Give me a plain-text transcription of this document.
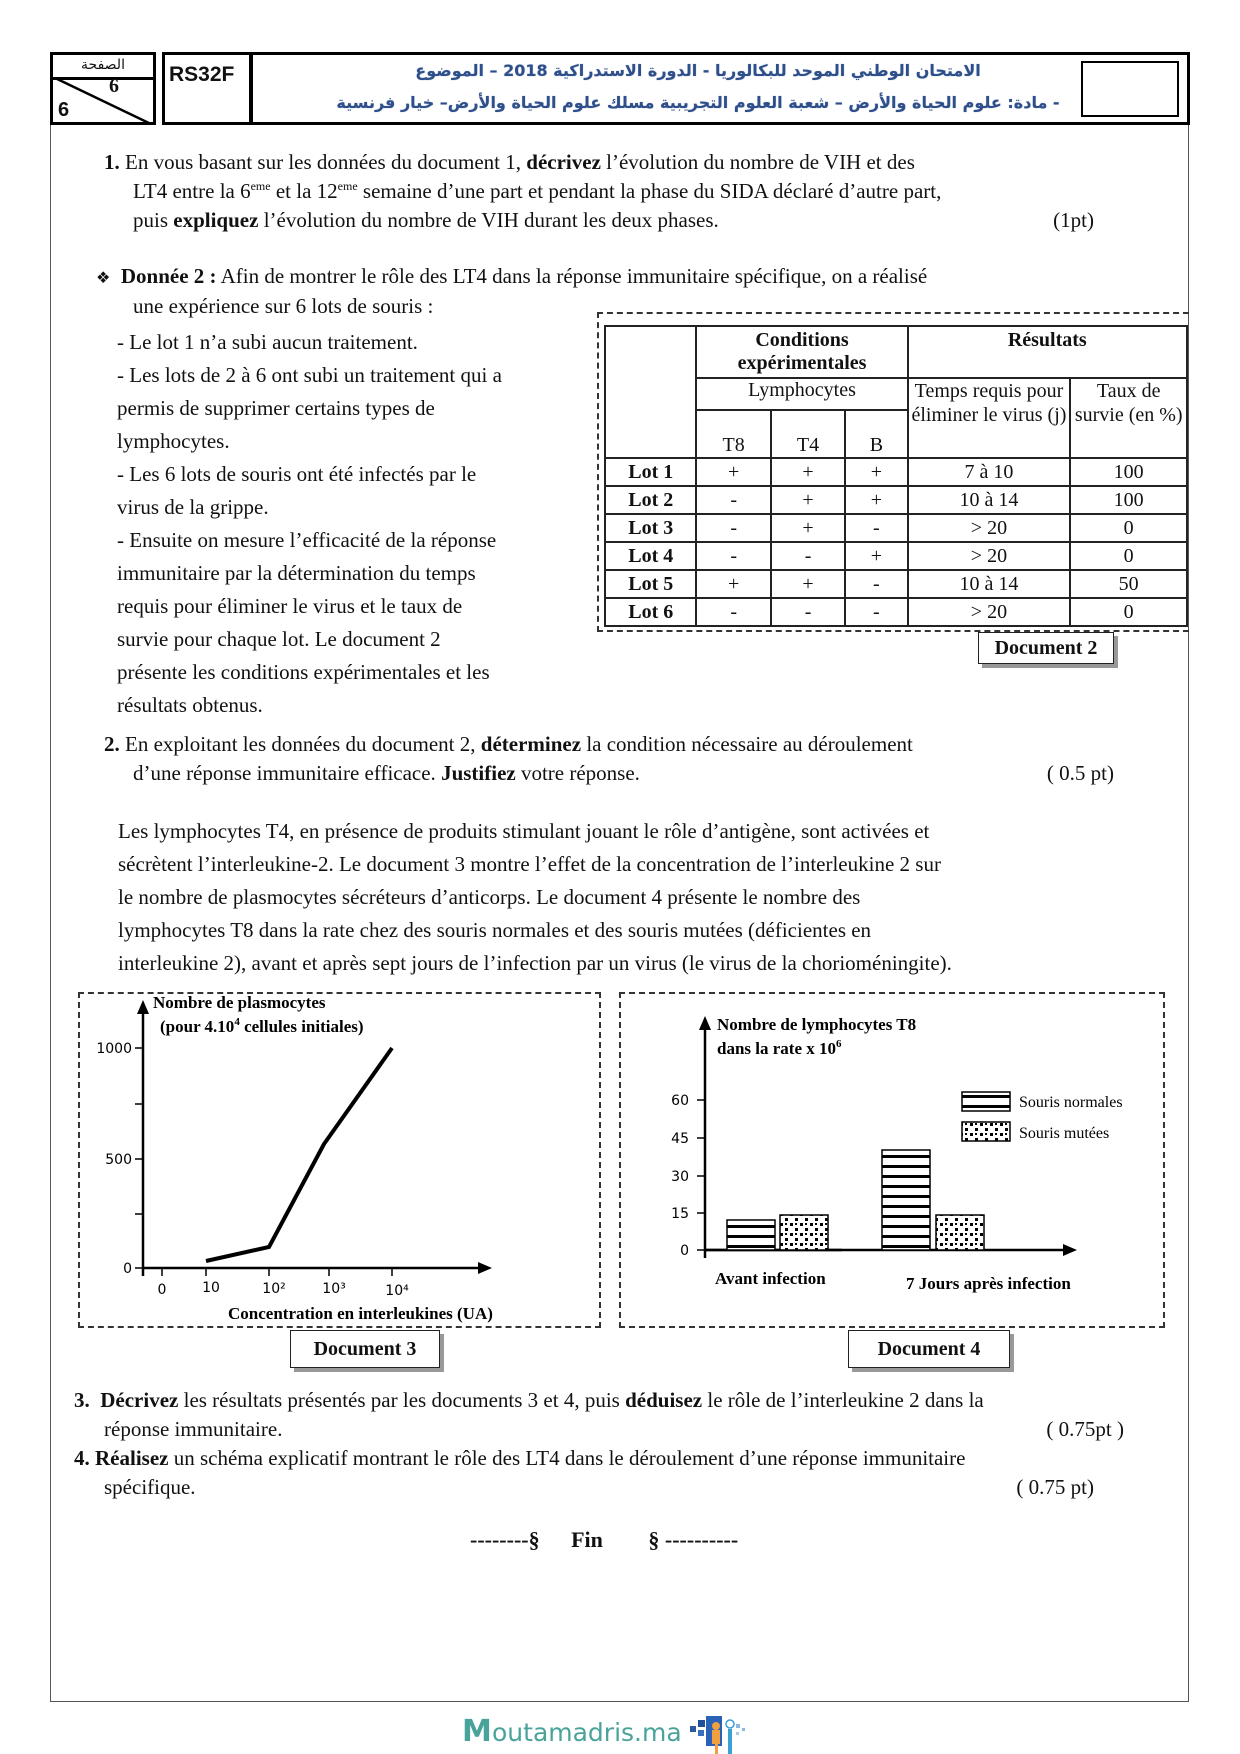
الصفحة
6
6
RS32F	الامتحان الوطني الموحد للبكالوريا - الدورة الاستدراكية 2018 – الموضوع
- مادة: علوم الحياة والأرض – شعبة العلوم التجريبية مسلك علوم الحياة والأرض– خيار فرنسية
1. En vous basant sur les données du document 1, décrivez l’évolution du nombre de VIH et des
LT4 entre la 6eme et la 12eme semaine d’une part et pendant la phase du SIDA déclaré d’autre part,
puis expliquez l’évolution du nombre de VIH durant les deux phases.	(1pt)
❖ Donnée 2 : Afin de montrer le rôle des LT4 dans la réponse immunitaire spécifique, on a réalisé
une expérience sur 6 lots de souris :
- Le lot 1 n’a subi aucun traitement.
- Les lots de 2 à 6 ont subi un traitement qui a
permis de supprimer certains types de
lymphocytes.
- Les 6 lots de souris ont été infectés par le
virus de la grippe.
- Ensuite on mesure l’efficacité de la réponse
immunitaire par la détermination du temps
requis pour éliminer le virus et le taux de
survie pour chaque lot. Le document 2
présente les conditions expérimentales et les
résultats obtenus.
	Conditions expérimentales			Résultats	
	Lymphocytes			Temps requis pour éliminer le virus (j)	Taux de survie (en %)
	T8	T4	B		
Lot 1	+	+	+	7 à 10	100
Lot 2	-	+	+	10 à 14	100
Lot 3	-	+	-	> 20	0
Lot 4	-	-	+	> 20	0
Lot 5	+	+	-	10 à 14	50
Lot 6	-	-	-	> 20	0
Document 2
2. En exploitant les données du document 2, déterminez la condition nécessaire au déroulement
d’une réponse immunitaire efficace. Justifiez votre réponse.	( 0.5 pt)
Les lymphocytes T4, en présence de produits stimulant jouant le rôle d’antigène, sont activées et
sécrètent l’interleukine-2. Le document 3 montre l’effet de la concentration de l’interleukine 2 sur
le nombre de plasmocytes sécréteurs d’anticorps. Le document 4 présente le nombre des
lymphocytes T8 dans la rate chez des souris normales et des souris mutées (déficientes en
interleukine 2), avant et après sept jours de l’infection par un virus (le virus de la chorioméningite).
0
500
1000
0	10	10²	10³	10⁴
Nombre de plasmocytes
(pour 4.10$^4$ cellules initiales)
Concentration en interleukines (UA)
Document 3
0
15
30
45
60	Souris normales
Souris mutées
Nombre de lymphocytes T8
dans la rate x $10^6$
Avant infection	7 Jours après infection
Document 4
3. Décrivez les résultats présentés par les documents 3 et 4, puis déduisez le rôle de l’interleukine 2 dans la
réponse immunitaire.	( 0.75pt )
4. Réalisez un schéma explicatif montrant le rôle des LT4 dans le déroulement d’une réponse immunitaire
spécifique.	( 0.75 pt)
--------§ Fin § ----------
M outamadris.ma
